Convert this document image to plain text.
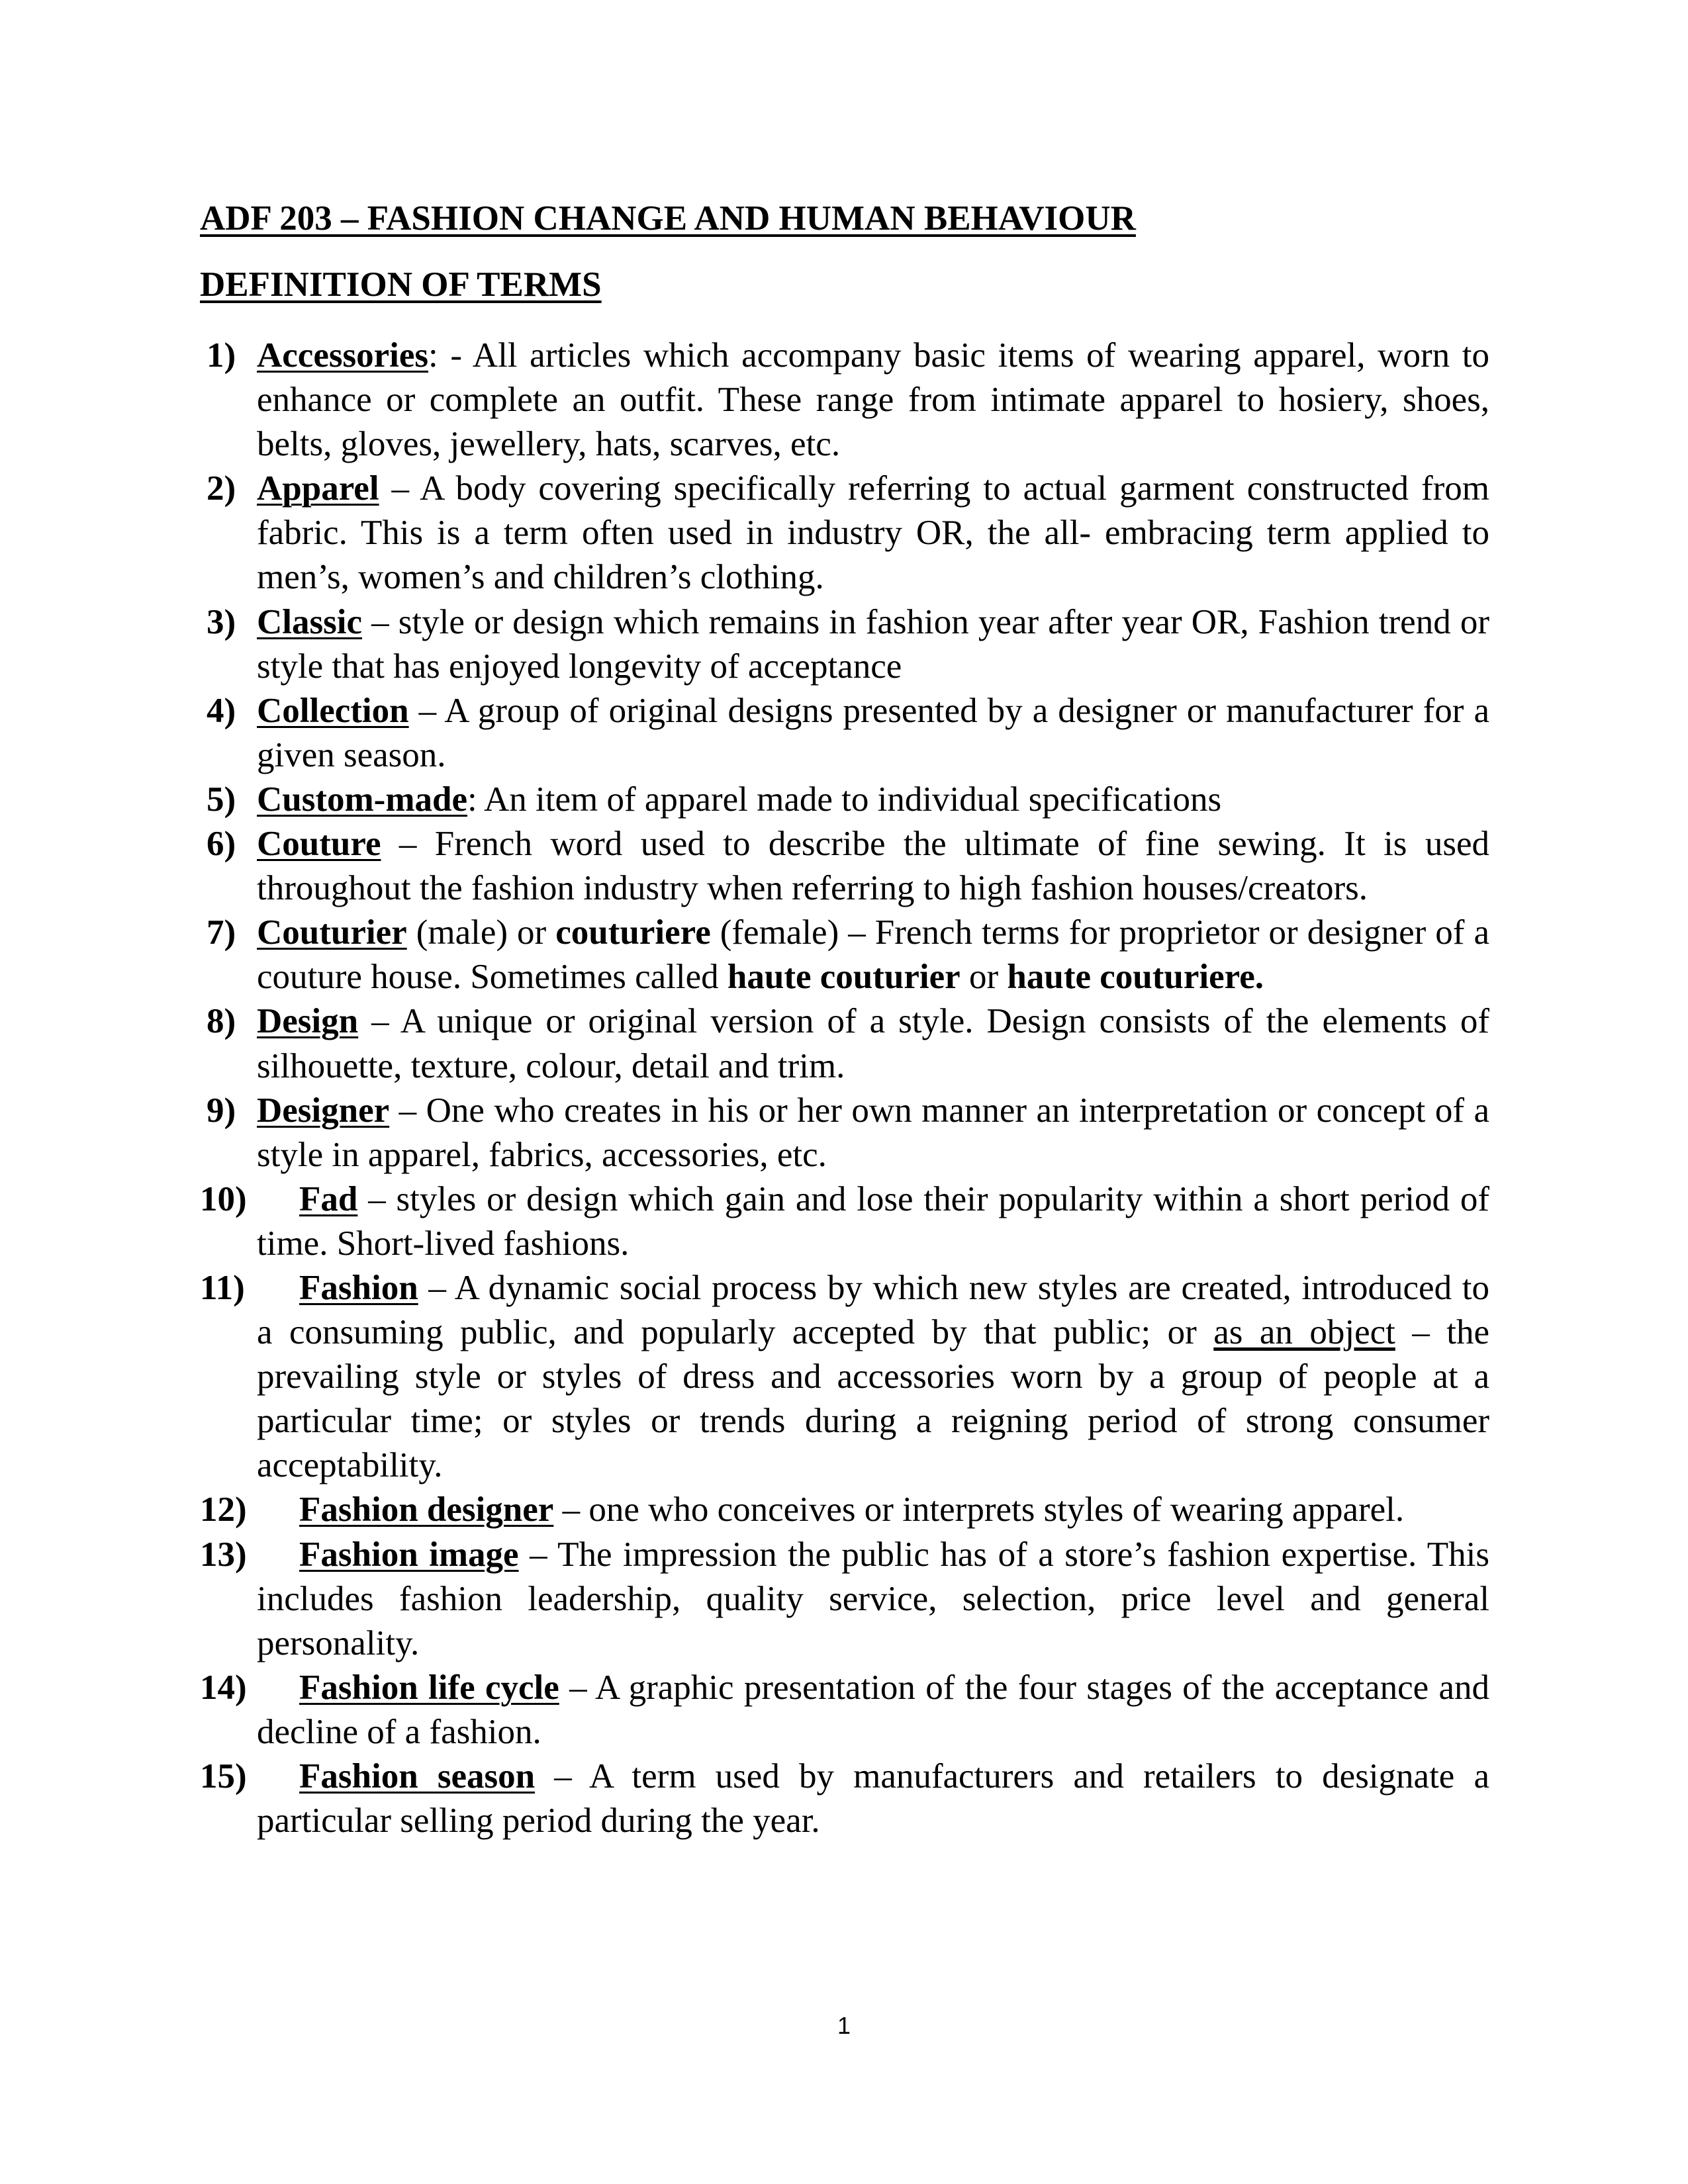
ADF 203 – FASHION CHANGE AND HUMAN BEHAVIOUR
DEFINITION OF TERMS
1) Accessories: - All articles which accompany basic items of wearing apparel, worn to enhance or complete an outfit. These range from intimate apparel to hosiery, shoes, belts, gloves, jewellery, hats, scarves, etc.
2) Apparel – A body covering specifically referring to actual garment constructed from fabric. This is a term often used in industry OR, the all- embracing term applied to men’s, women’s and children’s clothing.
3) Classic – style or design which remains in fashion year after year OR, Fashion trend or style that has enjoyed longevity of acceptance
4) Collection – A group of original designs presented by a designer or manufacturer for a given season.
5) Custom-made: An item of apparel made to individual specifications
6) Couture – French word used to describe the ultimate of fine sewing. It is used throughout the fashion industry when referring to high fashion houses/creators.
7) Couturier (male) or couturiere (female) – French terms for proprietor or designer of a couture house. Sometimes called haute couturier or haute couturiere.
8) Design – A unique or original version of a style. Design consists of the elements of silhouette, texture, colour, detail and trim.
9) Designer – One who creates in his or her own manner an interpretation or concept of a style in apparel, fabrics, accessories, etc.
10)	Fad – styles or design which gain and lose their popularity within a short period of time. Short-lived fashions.
11)	Fashion – A dynamic social process by which new styles are created, introduced to a consuming public, and popularly accepted by that public; or as an object – the prevailing style or styles of dress and accessories worn by a group of people at a particular time; or styles or trends during a reigning period of strong consumer acceptability.
12)	Fashion designer – one who conceives or interprets styles of wearing apparel.
13)	Fashion image – The impression the public has of a store’s fashion expertise. This includes fashion leadership, quality service, selection, price level and general personality.
14)	Fashion life cycle – A graphic presentation of the four stages of the acceptance and decline of a fashion.
15)	Fashion season – A term used by manufacturers and retailers to designate a particular selling period during the year.
1
